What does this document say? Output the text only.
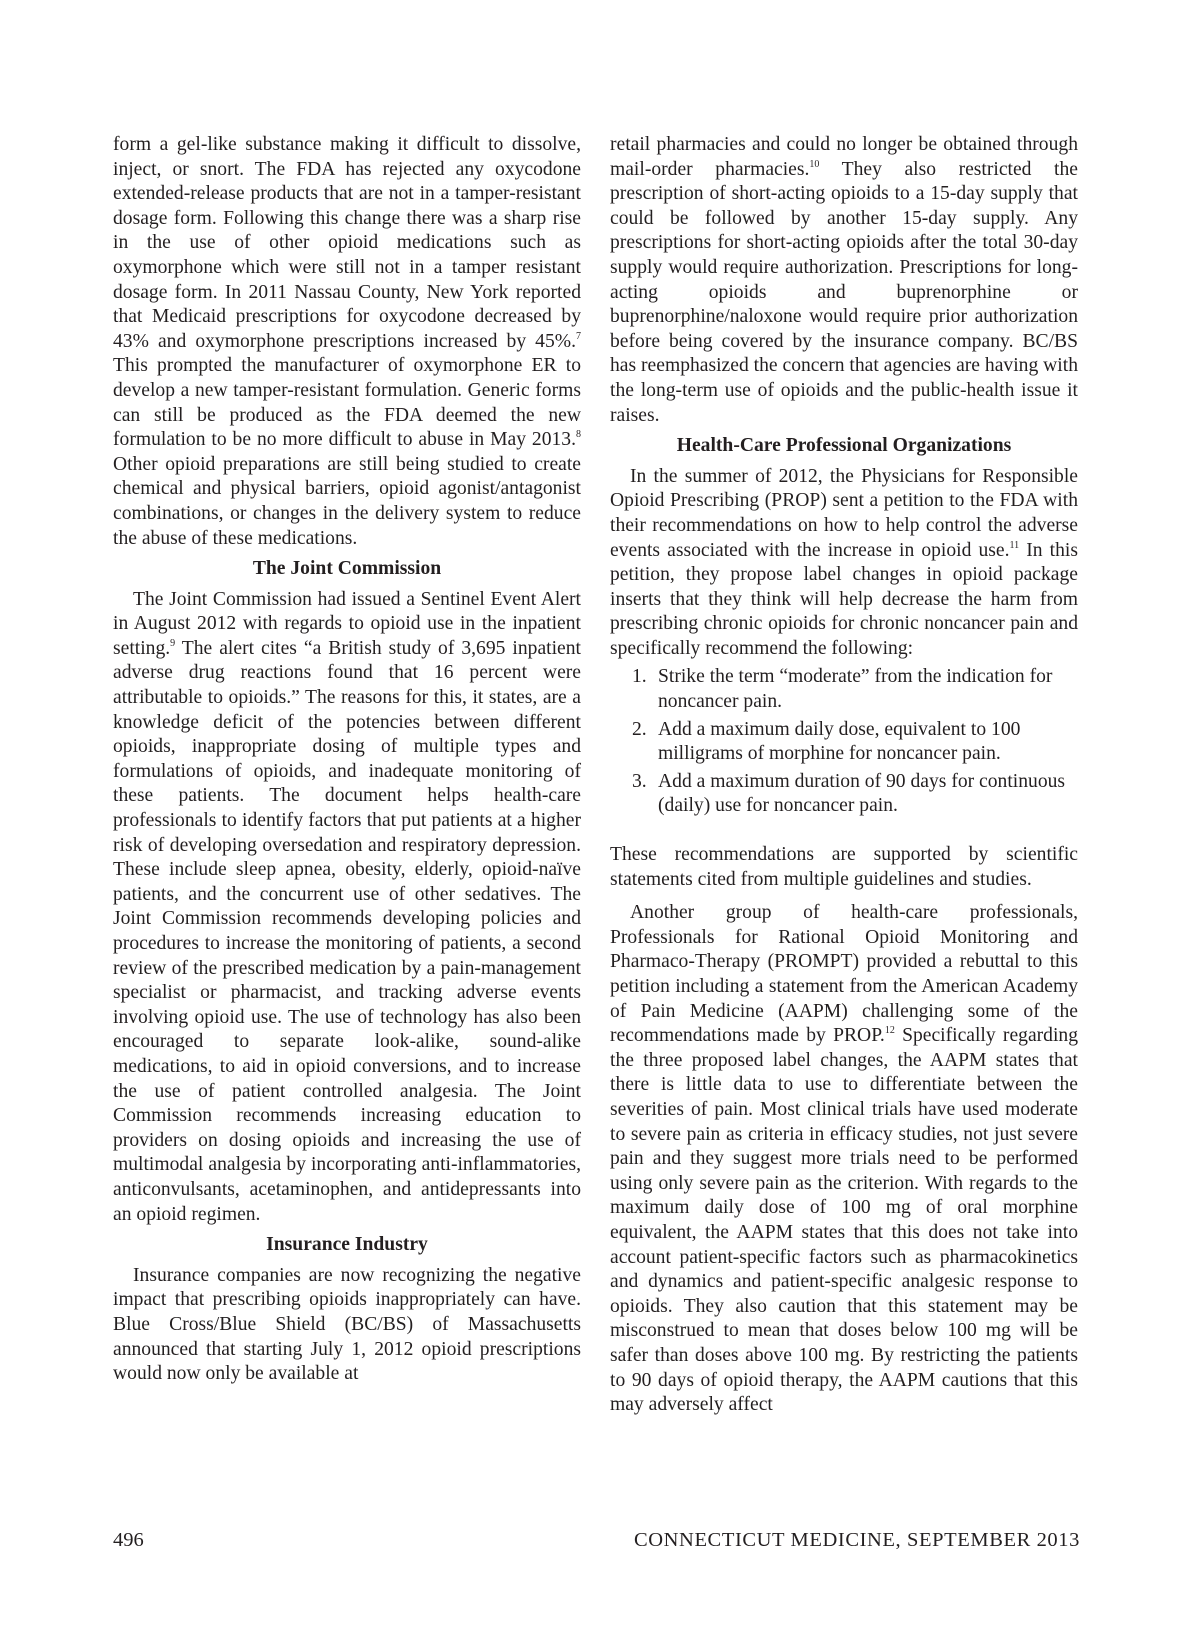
form a gel-like substance making it difficult to dissolve, inject, or snort. The FDA has rejected any oxycodone extended-release products that are not in a tamper-resistant dosage form. Following this change there was a sharp rise in the use of other opioid medications such as oxymorphone which were still not in a tamper resistant dosage form. In 2011 Nassau County, New York reported that Medicaid prescriptions for oxycodone decreased by 43% and oxymorphone prescriptions increased by 45%.$^7$ This prompted the manufacturer of oxymorphone ER to develop a new tamper-resistant formulation. Generic forms can still be produced as the FDA deemed the new formulation to be no more difficult to abuse in May 2013.$^8$ Other opioid preparations are still being studied to create chemical and physical barriers, opioid agonist/antagonist combinations, or changes in the delivery system to reduce the abuse of these medications.

The Joint Commission

The Joint Commission had issued a Sentinel Event Alert in August 2012 with regards to opioid use in the inpatient setting.$^9$ The alert cites “a British study of 3,695 inpatient adverse drug reactions found that 16 percent were attributable to opioids.” The reasons for this, it states, are a knowledge deficit of the potencies between different opioids, inappropriate dosing of multiple types and formulations of opioids, and inadequate monitoring of these patients. The document helps health-care professionals to identify factors that put patients at a higher risk of developing oversedation and respiratory depression. These include sleep apnea, obesity, elderly, opioid-naïve patients, and the concurrent use of other sedatives. The Joint Commission recommends developing policies and procedures to increase the monitoring of patients, a second review of the prescribed medication by a pain-management specialist or pharmacist, and tracking adverse events involving opioid use. The use of technology has also been encouraged to separate look-alike, sound-alike medications, to aid in opioid conversions, and to increase the use of patient controlled analgesia. The Joint Commission recommends increasing education to providers on dosing opioids and increasing the use of multimodal analgesia by incorporating anti-inflammatories, anticonvulsants, acetaminophen, and antidepressants into an opioid regimen.

Insurance Industry

Insurance companies are now recognizing the negative impact that prescribing opioids inappropriately can have. Blue Cross/Blue Shield (BC/BS) of Massachusetts announced that starting July 1, 2012 opioid prescriptions would now only be available at

retail pharmacies and could no longer be obtained through mail-order pharmacies.$^{10}$ They also restricted the prescription of short-acting opioids to a 15-day supply that could be followed by another 15-day supply. Any prescriptions for short-acting opioids after the total 30-day supply would require authorization. Prescriptions for long-acting opioids and buprenorphine or buprenorphine/naloxone would require prior authorization before being covered by the insurance company. BC/BS has reemphasized the concern that agencies are having with the long-term use of opioids and the public-health issue it raises.

Health-Care Professional Organizations

In the summer of 2012, the Physicians for Responsible Opioid Prescribing (PROP) sent a petition to the FDA with their recommendations on how to help control the adverse events associated with the increase in opioid use.$^{11}$ In this petition, they propose label changes in opioid package inserts that they think will help decrease the harm from prescribing chronic opioids for chronic noncancer pain and specifically recommend the following:

1. Strike the term “moderate” from the indication for noncancer pain.
2. Add a maximum daily dose, equivalent to 100 milligrams of morphine for noncancer pain.
3. Add a maximum duration of 90 days for continuous (daily) use for noncancer pain.

These recommendations are supported by scientific statements cited from multiple guidelines and studies.

Another group of health-care professionals, Professionals for Rational Opioid Monitoring and Pharmaco-Therapy (PROMPT) provided a rebuttal to this petition including a statement from the American Academy of Pain Medicine (AAPM) challenging some of the recommendations made by PROP.$^{12}$ Specifically regarding the three proposed label changes, the AAPM states that there is little data to use to differentiate between the severities of pain. Most clinical trials have used moderate to severe pain as criteria in efficacy studies, not just severe pain and they suggest more trials need to be performed using only severe pain as the criterion. With regards to the maximum daily dose of 100 mg of oral morphine equivalent, the AAPM states that this does not take into account patient-specific factors such as pharmacokinetics and dynamics and patient-specific analgesic response to opioids. They also caution that this statement may be misconstrued to mean that doses below 100 mg will be safer than doses above 100 mg. By restricting the patients to 90 days of opioid therapy, the AAPM cautions that this may adversely affect

496	CONNECTICUT MEDICINE, SEPTEMBER 2013
